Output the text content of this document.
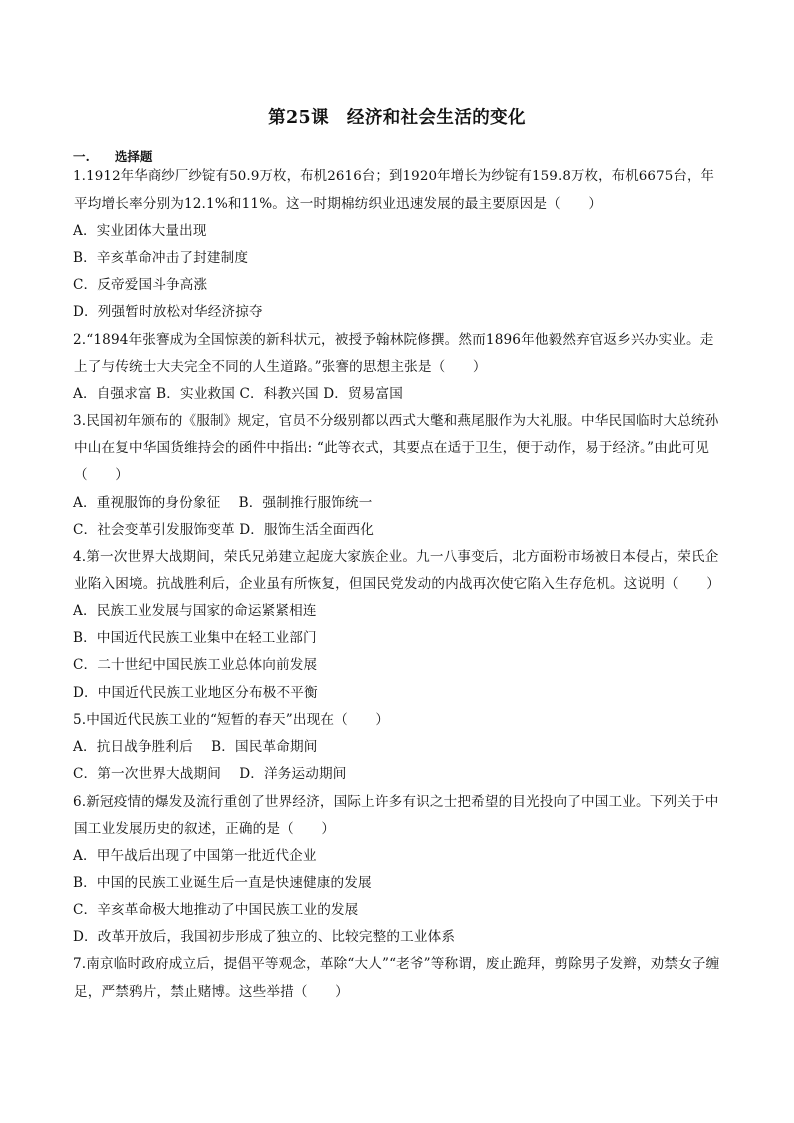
第25课　经济和社会生活的变化
一.　　选择题
1.1912年华商纱厂纱锭有50.9万枚，布机2616台；到1920年增长为纱锭有159.8万枚，布机6675台，年
平均增长率分别为12.1%和11%。这一时期棉纺织业迅速发展的最主要原因是（　　）
A．实业团体大量出现
B．辛亥革命冲击了封建制度
C．反帝爱国斗争高涨
D．列强暂时放松对华经济掠夺
2.“1894年张謇成为全国惊羡的新科状元，被授予翰林院修撰。然而1896年他毅然弃官返乡兴办实业。走
上了与传统士大夫完全不同的人生道路。”张謇的思想主张是（　　）
A．自强求富 B．实业救国 C．科教兴国 D．贸易富国
3.民国初年颁布的《服制》规定，官员不分级别都以西式大氅和燕尾服作为大礼服。中华民国临时大总统孙
中山在复中华国货维持会的函件中指出: “此等衣式，其要点在适于卫生，便于动作，易于经济。”由此可见
（　　）
A．重视服饰的身份象征　 B．强制推行服饰统一
C．社会变革引发服饰变革 D．服饰生活全面西化
4.第一次世界大战期间，荣氏兄弟建立起庞大家族企业。九一八事变后，北方面粉市场被日本侵占，荣氏企
业陷入困境。抗战胜利后，企业虽有所恢复，但国民党发动的内战再次使它陷入生存危机。这说明（　　）
A．民族工业发展与国家的命运紧紧相连
B．中国近代民族工业集中在轻工业部门
C．二十世纪中国民族工业总体向前发展
D．中国近代民族工业地区分布极不平衡
5.中国近代民族工业的“短暂的春天”出现在（　　）
A．抗日战争胜利后　 B．国民革命期间
C．第一次世界大战期间　 D．洋务运动期间
6.新冠疫情的爆发及流行重创了世界经济，国际上许多有识之士把希望的目光投向了中国工业。下列关于中
国工业发展历史的叙述，正确的是（　　）
A．甲午战后出现了中国第一批近代企业
B．中国的民族工业诞生后一直是快速健康的发展
C．辛亥革命极大地推动了中国民族工业的发展
D．改革开放后，我国初步形成了独立的、比较完整的工业体系
7.南京临时政府成立后，提倡平等观念，革除“大人”“老爷”等称谓，废止跪拜，剪除男子发辫，劝禁女子缠
足，严禁鸦片，禁止赌博。这些举措（　　）
